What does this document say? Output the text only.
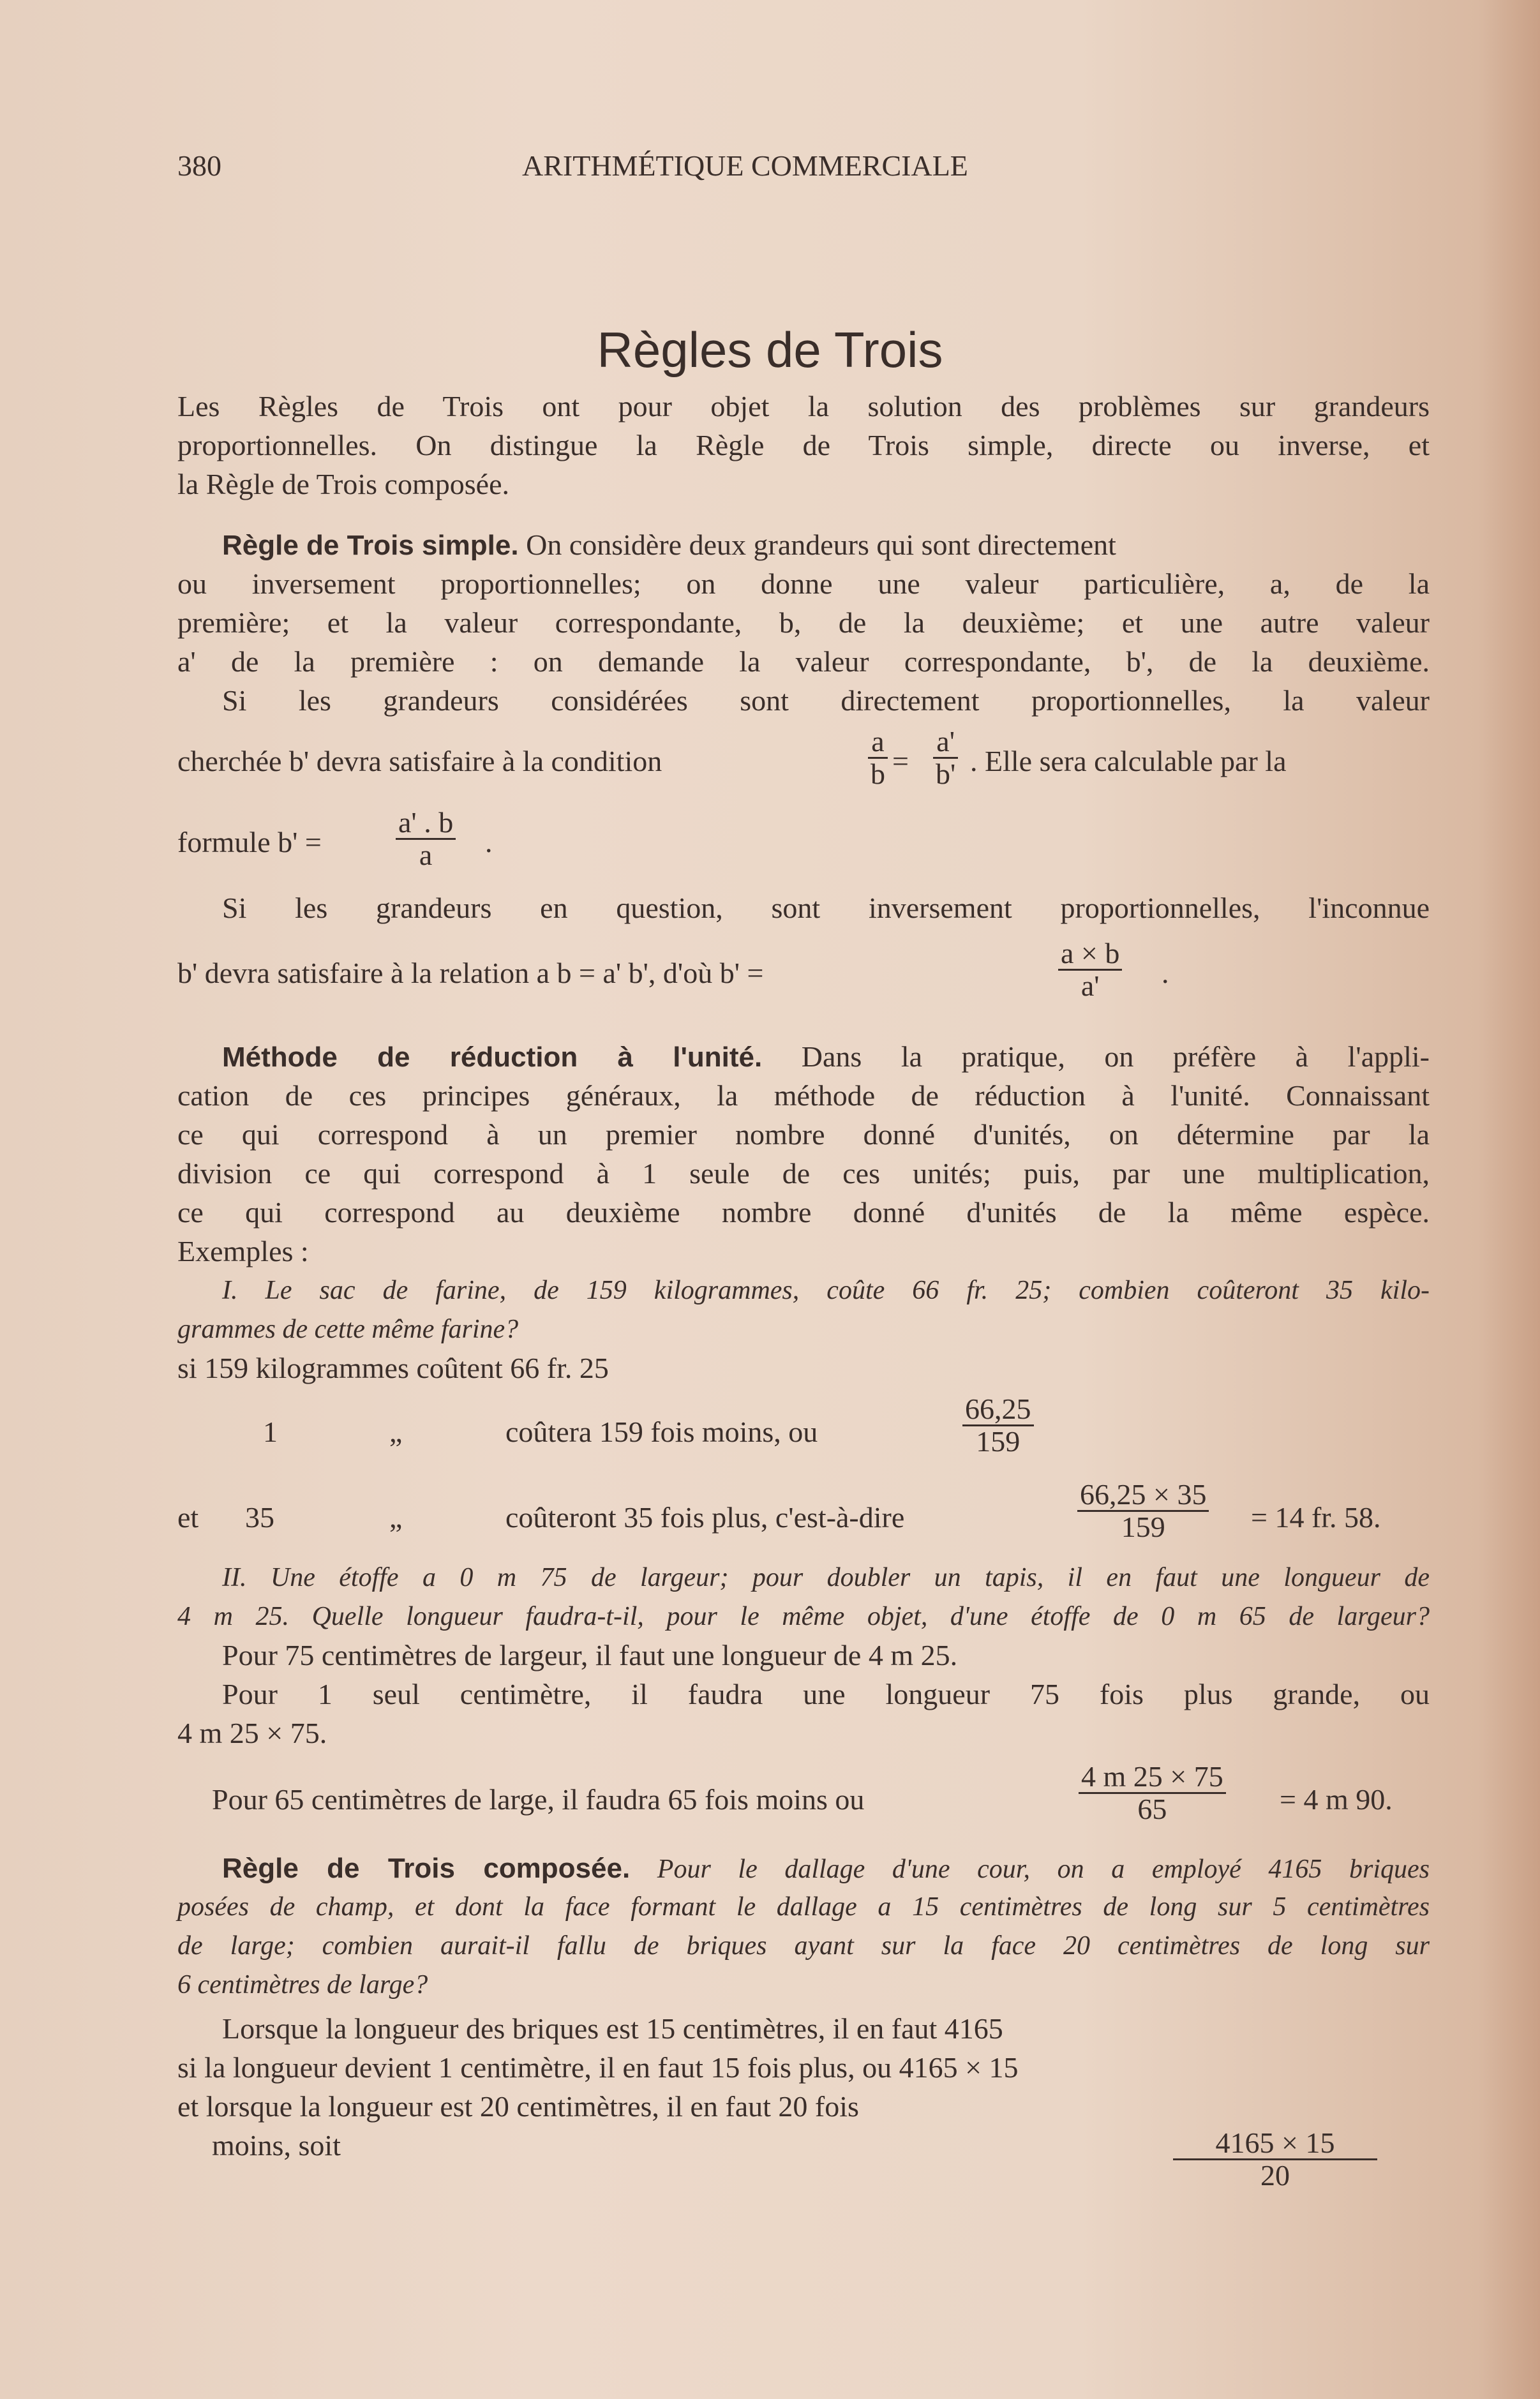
380	ARITHMÉTIQUE COMMERCIALE
Règles de Trois
Les Règles de Trois ont pour objet la solution des problèmes sur grandeurs
proportionnelles. On distingue la Règle de Trois simple, directe ou inverse, et
la Règle de Trois composée.
Règle de Trois simple. On considère deux grandeurs qui sont directement
ou inversement proportionnelles; on donne une valeur particulière, a, de la
première; et la valeur correspondante, b, de la deuxième; et une autre valeur
a' de la première : on demande la valeur correspondante, b', de la deuxième.
Si les grandeurs considérées sont directement proportionnelles, la valeur
cherchée b' devra satisfaire à la condition	$\frac{a}{b} = \frac{a'}{b'}$ . Elle sera calculable par la
formule b' =	$\frac{a' . b}{a}$ .
Si les grandeurs en question, sont inversement proportionnelles, l'inconnue
b' devra satisfaire à la relation a b = a' b', d'où b' =	$\frac{a \times b}{a'}$ .
Méthode de réduction à l'unité. Dans la pratique, on préfère à l'appli-
cation de ces principes généraux, la méthode de réduction à l'unité. Connaissant
ce qui correspond à un premier nombre donné d'unités, on détermine par la
division ce qui correspond à 1 seule de ces unités; puis, par une multiplication,
ce qui correspond au deuxième nombre donné d'unités de la même espèce.
Exemples :
I. Le sac de farine, de 159 kilogrammes, coûte 66 fr. 25; combien coûteront 35 kilo-
grammes de cette même farine?
si 159 kilogrammes coûtent 66 fr. 25
1	„	coûtera 159 fois moins, ou	$\frac{66,25}{159}$
et 35	„	coûteront 35 fois plus, c'est-à-dire	$\frac{66,25 \times 35}{159} = 14$ fr. 58.
II. Une étoffe a 0 m 75 de largeur; pour doubler un tapis, il en faut une longueur de
4 m 25. Quelle longueur faudra-t-il, pour le même objet, d'une étoffe de 0 m 65 de largeur?
Pour 75 centimètres de largeur, il faut une longueur de 4 m 25.
Pour 1 seul centimètre, il faudra une longueur 75 fois plus grande, ou
4 m 25 × 75.
Pour 65 centimètres de large, il faudra 65 fois moins ou	$\frac{4 m 25 \times 75}{65} = 4$ m 90.
Règle de Trois composée. Pour le dallage d'une cour, on a employé 4165 briques
posées de champ, et dont la face formant le dallage a 15 centimètres de long sur 5 centimètres
de large; combien aurait-il fallu de briques ayant sur la face 20 centimètres de long sur
6 centimètres de large?
Lorsque la longueur des briques est 15 centimètres, il en faut 4165
si la longueur devient 1 centimètre, il en faut 15 fois plus, ou 4165 × 15
et lorsque la longueur est 20 centimètres, il en faut 20 fois
moins, soit	$\frac{4165 \times 15}{20}$
